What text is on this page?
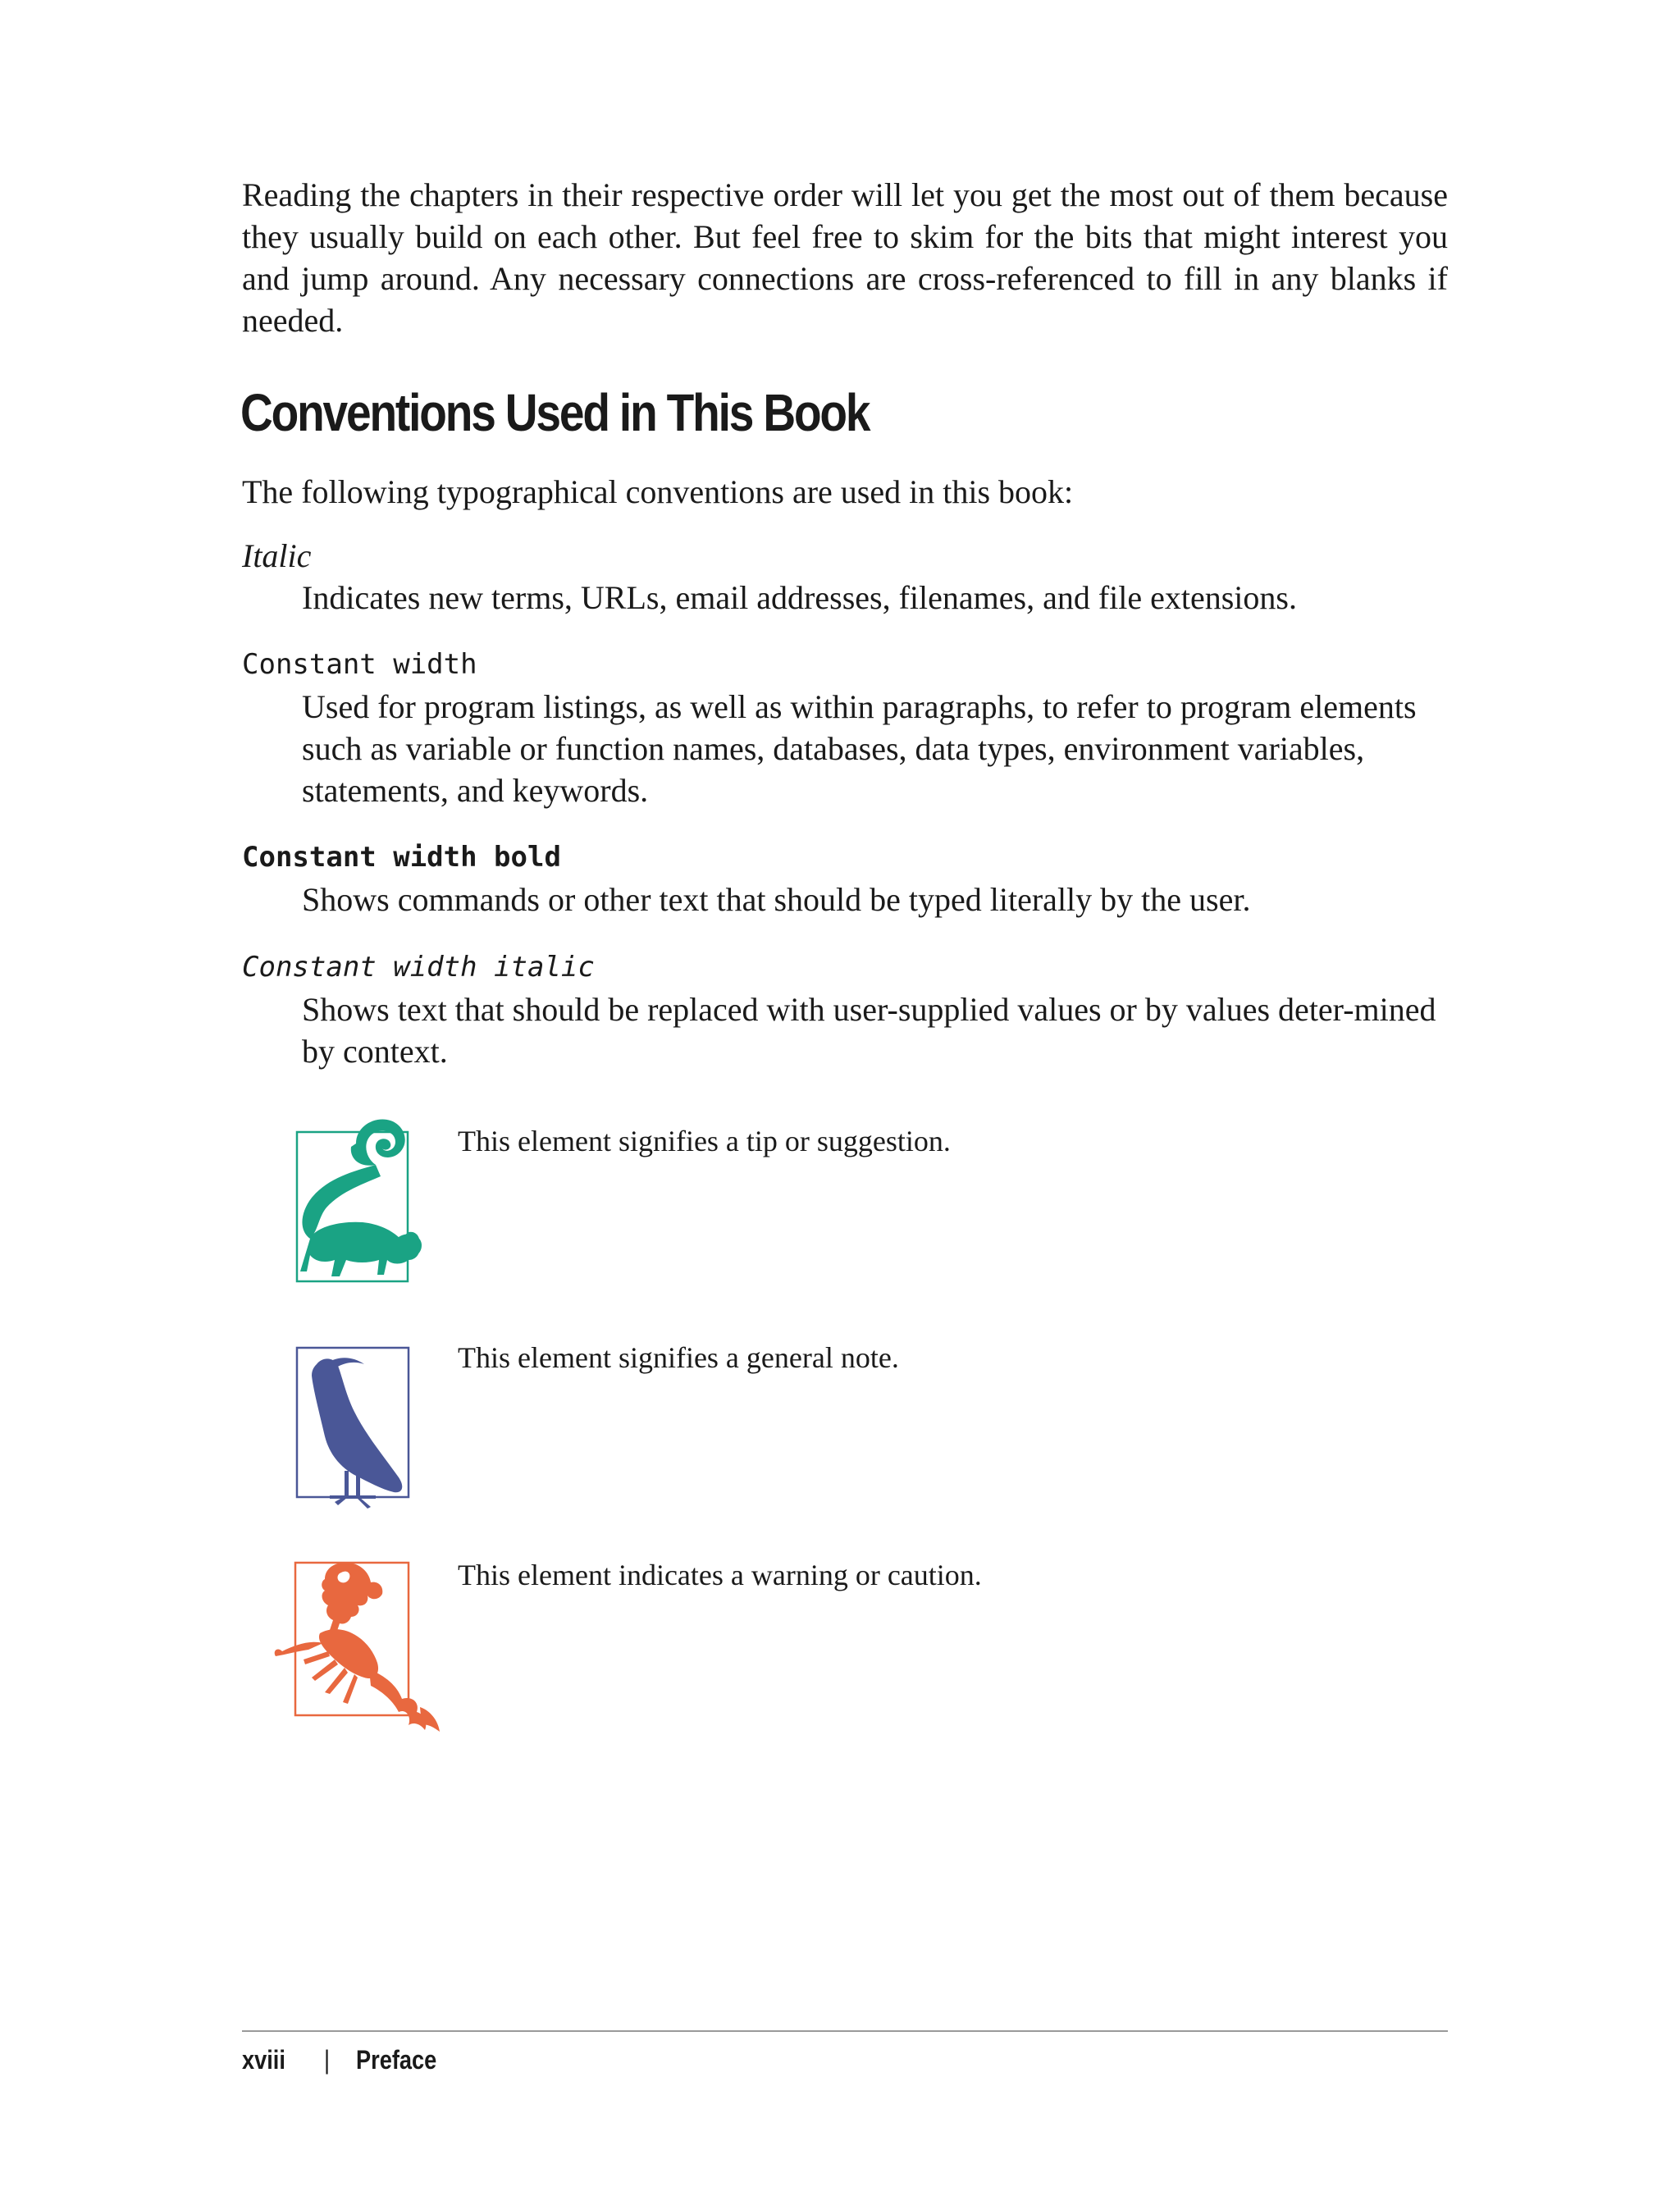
Reading the chapters in their respective order will let you get the most out of them because they usually build on each other. But feel free to skim for the bits that might interest you and jump around. Any necessary connections are cross-referenced to fill in any blanks if needed.

Conventions Used in This Book

The following typographical conventions are used in this book:

Italic

Indicates new terms, URLs, email addresses, filenames, and file extensions.

Constant width

Used for program listings, as well as within paragraphs, to refer to program elements such as variable or function names, databases, data types, environment variables, statements, and keywords.

Constant width bold

Shows commands or other text that should be typed literally by the user.

Constant width italic

Shows text that should be replaced with user-supplied values or by values deter-mined by context.

This element signifies a tip or suggestion.
This element signifies a general note.
This element indicates a warning or caution.
xviii | Preface
